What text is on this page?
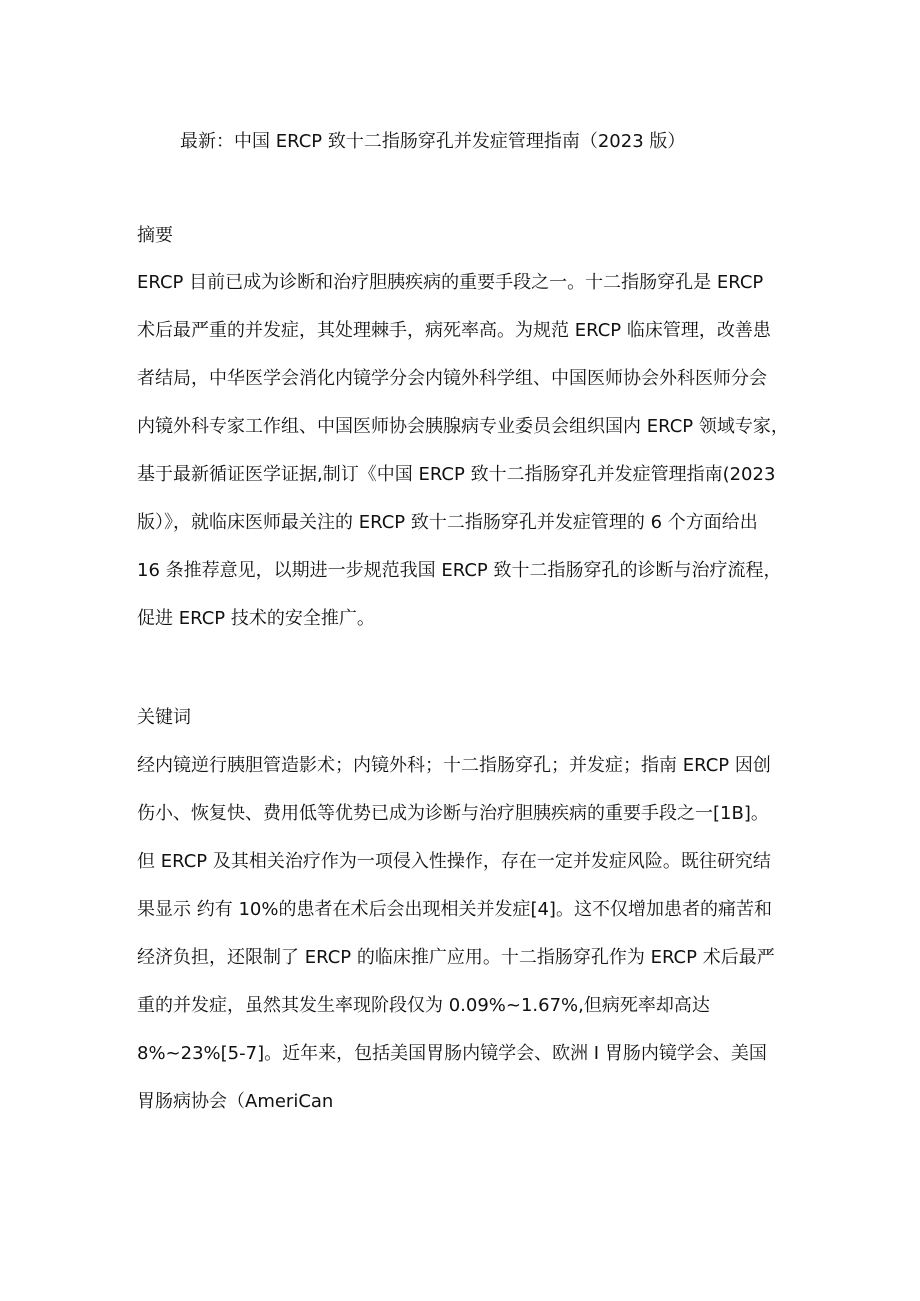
最新：中国 ERCP 致十二指肠穿孔并发症管理指南（2023 版）
摘要
ERCP 目前已成为诊断和治疗胆胰疾病的重要手段之一。十二指肠穿孔是 ERCP
术后最严重的并发症，其处理棘手，病死率高。为规范 ERCP 临床管理，改善患
者结局，中华医学会消化内镜学分会内镜外科学组、中国医师协会外科医师分会
内镜外科专家工作组、中国医师协会胰腺病专业委员会组织国内 ERCP 领域专家，
基于最新循证医学证据,制订《中国 ERCP 致十二指肠穿孔并发症管理指南(2023
版）》，就临床医师最关注的 ERCP 致十二指肠穿孔并发症管理的 6 个方面给出
16 条推荐意见，以期进一步规范我国 ERCP 致十二指肠穿孔的诊断与治疗流程，
促进 ERCP 技术的安全推广。
关键词
经内镜逆行胰胆管造影术；内镜外科；十二指肠穿孔；并发症；指南 ERCP 因创
伤小、恢复快、费用低等优势已成为诊断与治疗胆胰疾病的重要手段之一[1B]。
但 ERCP 及其相关治疗作为一项侵入性操作，存在一定并发症风险。既往研究结
果显示 约有 10%的患者在术后会出现相关并发症[4]。这不仅增加患者的痛苦和
经济负担，还限制了 ERCP 的临床推广应用。十二指肠穿孔作为 ERCP 术后最严
重的并发症，虽然其发生率现阶段仅为 0.09%~1.67%,但病死率却高达
8%~23%[5-7]。近年来，包括美国胃肠内镜学会、欧洲 I 胃肠内镜学会、美国
胃肠病协会（AmeriCan
